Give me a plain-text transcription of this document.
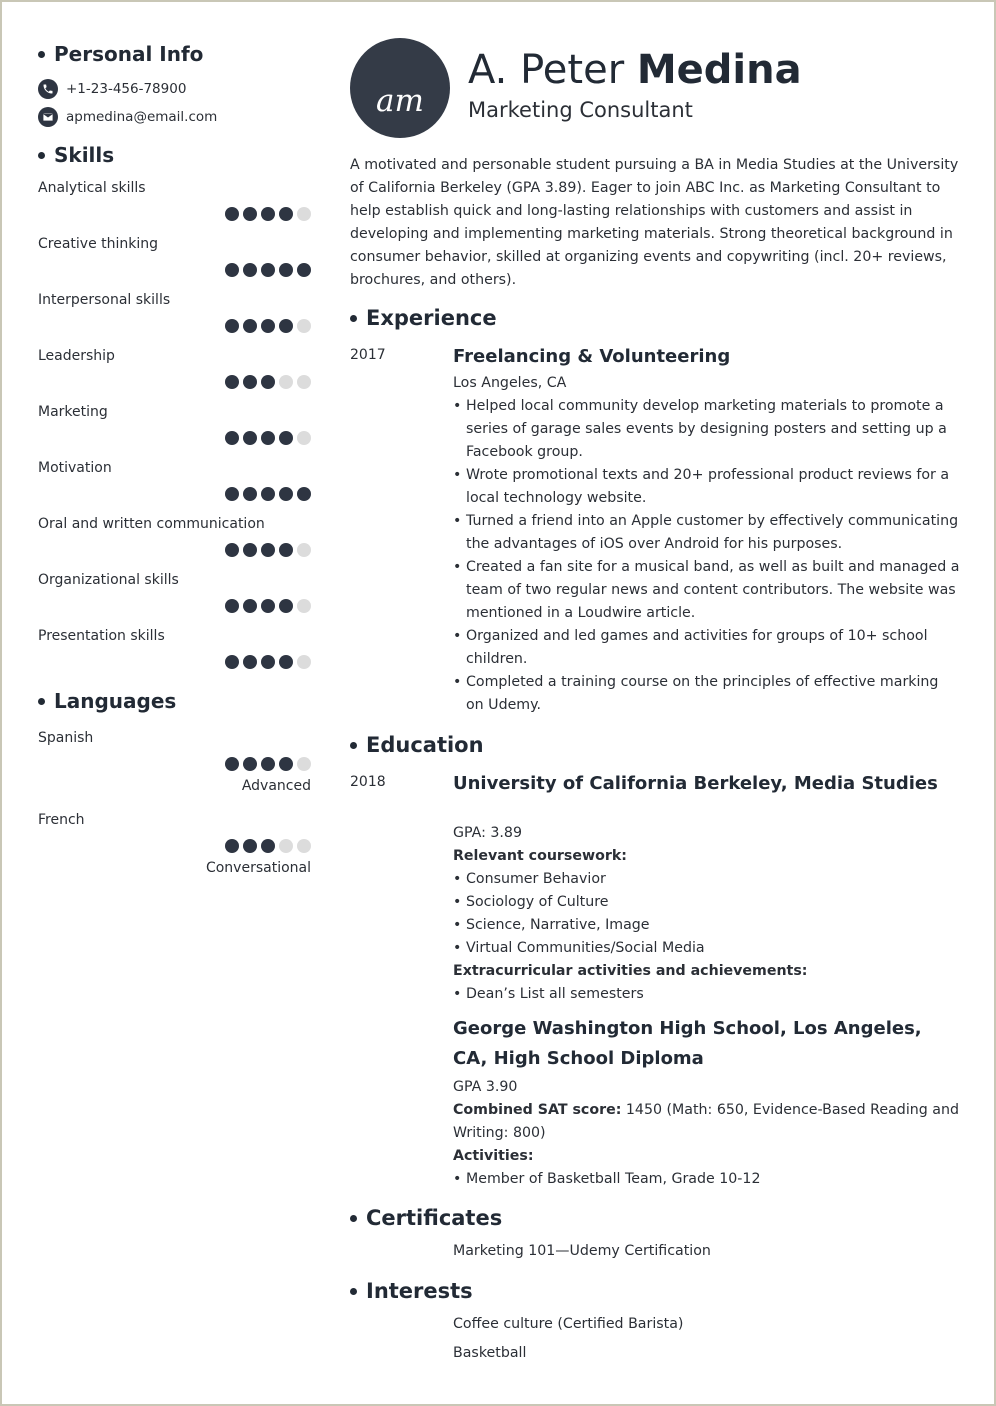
Personal Info
+1-23-456-78900
apmedina@email.com
Skills
Analytical skills
Creative thinking
Interpersonal skills
Leadership
Marketing
Motivation
Oral and written communication
Organizational skills
Presentation skills
Languages
Spanish
Advanced
French
Conversational
am
A. Peter Medina
Marketing Consultant
A motivated and personable student pursuing a BA in Media Studies at the University of California Berkeley (GPA 3.89). Eager to join ABC Inc. as Marketing Consultant to help establish quick and long-lasting relationships with customers and assist in developing and implementing marketing materials. Strong theoretical background in consumer behavior, skilled at organizing events and copywriting (incl. 20+ reviews, brochures, and others).
Experience
2017	Freelancing & Volunteering
Los Angeles, CA
• Helped local community develop marketing materials to promote a series of garage sales events by designing posters and setting up a Facebook group.
• Wrote promotional texts and 20+ professional product reviews for a local technology website.
• Turned a friend into an Apple customer by effectively communicating the advantages of iOS over Android for his purposes.
• Created a fan site for a musical band, as well as built and managed a team of two regular news and content contributors. The website was mentioned in a Loudwire article.
• Organized and led games and activities for groups of 10+ school children.
• Completed a training course on the principles of effective marking on Udemy.
Education
2018	University of California Berkeley, Media Studies
GPA: 3.89
Relevant coursework:
• Consumer Behavior
• Sociology of Culture
• Science, Narrative, Image
• Virtual Communities/Social Media
Extracurricular activities and achievements:
• Dean’s List all semesters
George Washington High School, Los Angeles, CA, High School Diploma
GPA 3.90
Combined SAT score: 1450 (Math: 650, Evidence-Based Reading and Writing: 800)
Activities:
• Member of Basketball Team, Grade 10-12
Certificates
Marketing 101—Udemy Certification
Interests
Coffee culture (Certified Barista)
Basketball
